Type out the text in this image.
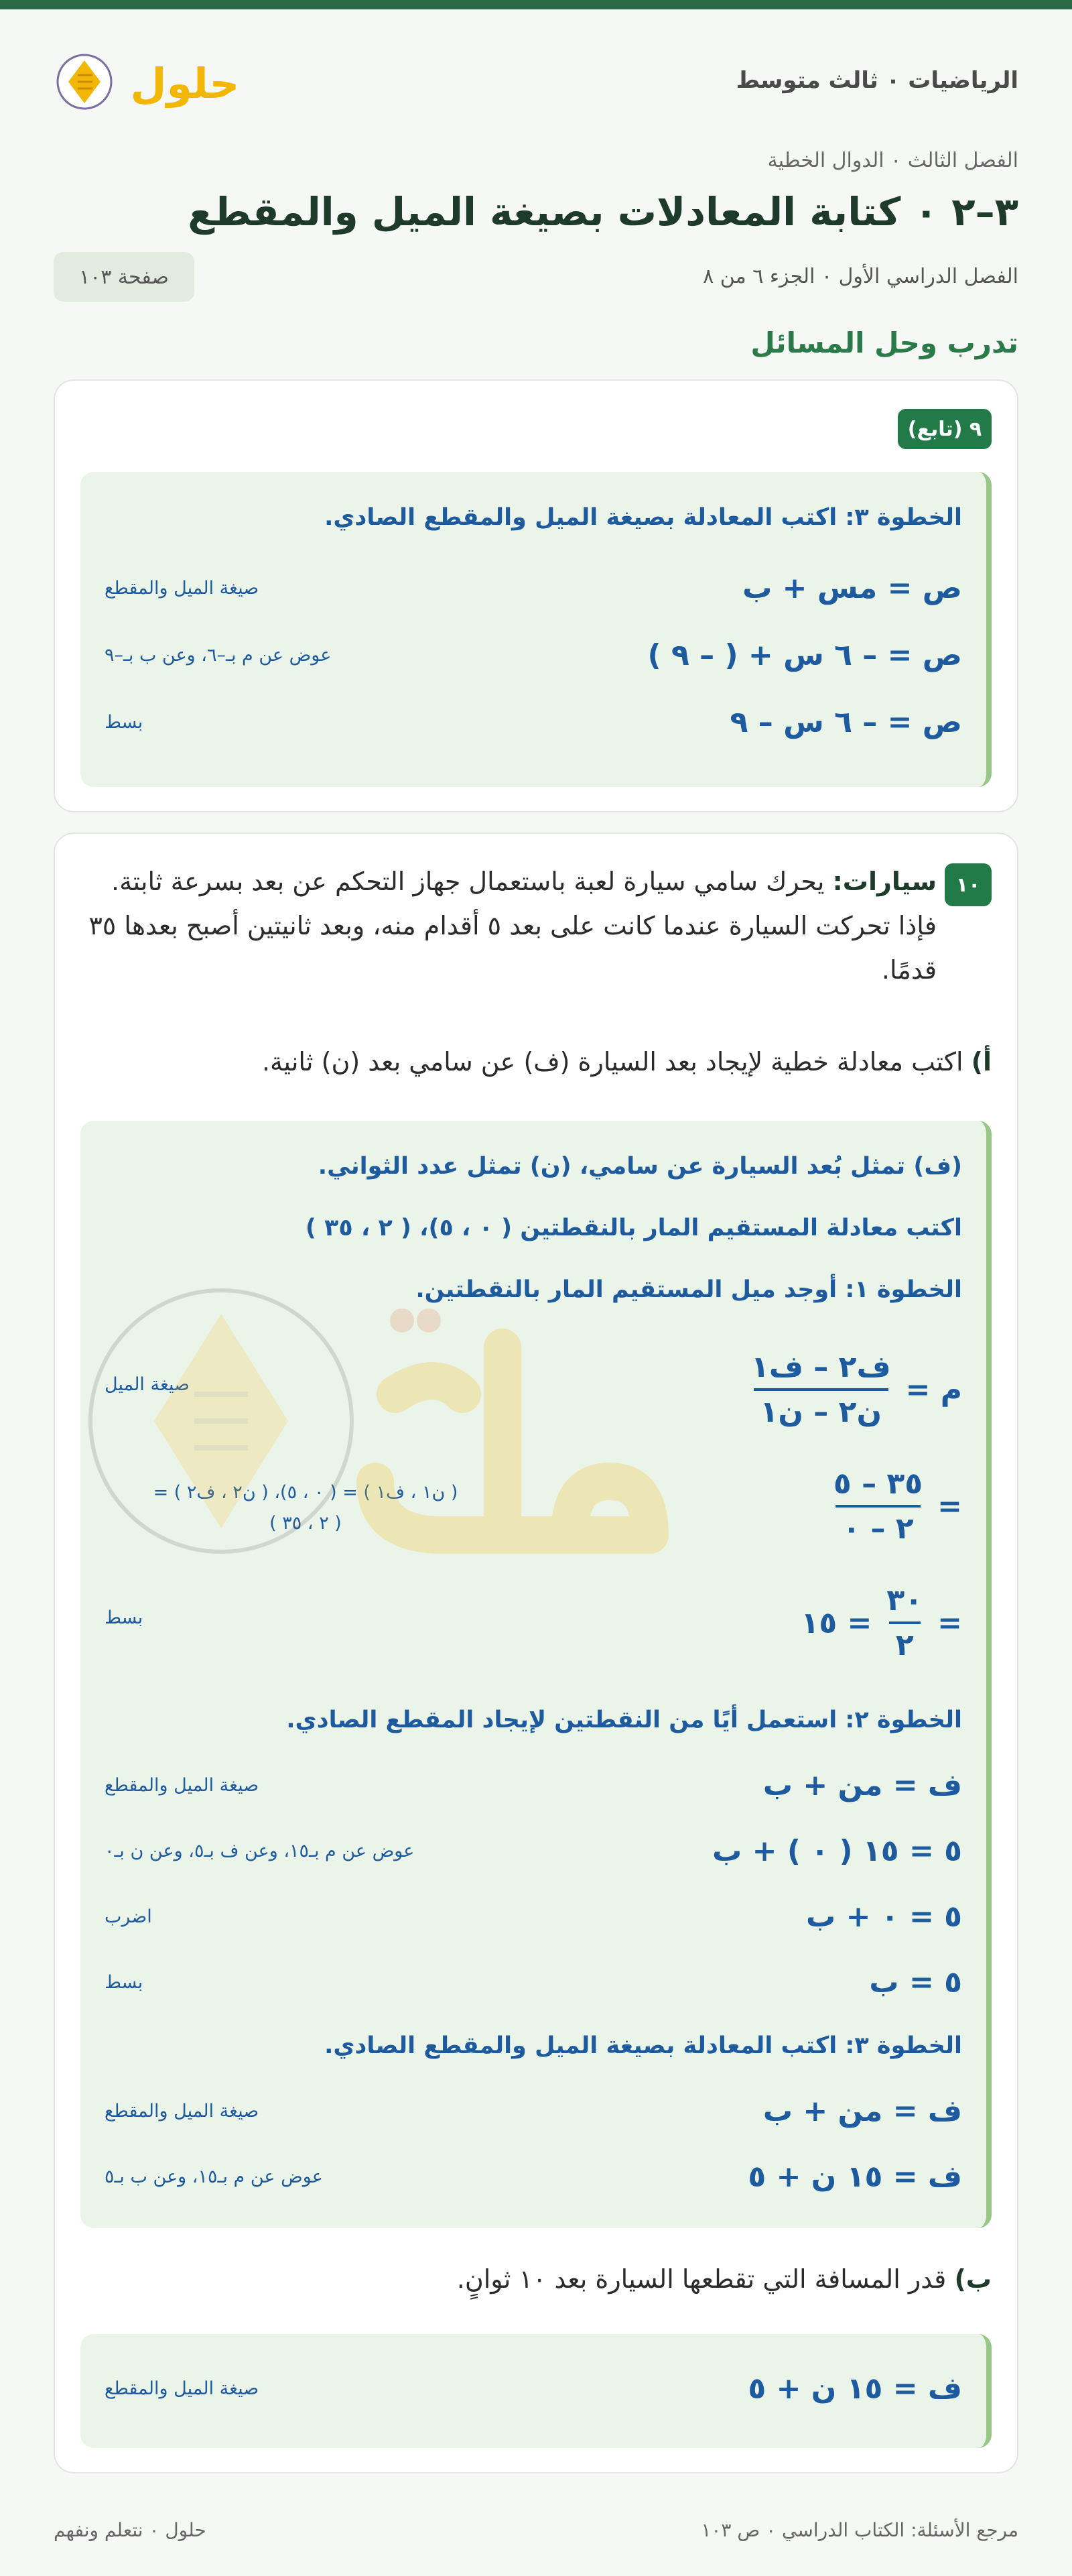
الرياضيات ٠ ثالث متوسط
حلول
الفصل الثالث ٠ الدوال الخطية
٣–٢ ٠ كتابة المعادلات بصيغة الميل والمقطع
الفصل الدراسي الأول ٠ الجزء ٦ من ٨
صفحة ١٠٣
تدرب وحل المسائل
٩ (تابع)
الخطوة ٣: اكتب المعادلة بصيغة الميل والمقطع الصادي.
ص = مس + ب
صيغة الميل والمقطع
ص = – ٦ س + ( – ٩ )
عوض عن م بـ–٦، وعن ب بـ–٩
ص = – ٦ س – ٩
بسط
١٠
سيارات: يحرك سامي سيارة لعبة باستعمال جهاز التحكم عن بعد بسرعة ثابتة. فإذا تحركت السيارة عندما كانت على بعد ٥ أقدام منه، وبعد ثانيتين أصبح بعدها ٣٥ قدمًا.
أ) اكتب معادلة خطية لإيجاد بعد السيارة (ف) عن سامي بعد (ن) ثانية.
(ف) تمثل بُعد السيارة عن سامي، (ن) تمثل عدد الثواني.
اكتب معادلة المستقيم المار بالنقطتين ( ٠ ، ٥)، ( ٢ ، ٣٥ )
الخطوة ١: أوجد ميل المستقيم المار بالنقطتين.
م =
$\frac{\text{ف٢ – ف١}}{\text{ن٢ – ن١}}$
صيغة الميل
=
$\frac{٣٥ - ٥}{٢ - ٠}$
( ن١ ، ف١ ) = ( ٠ ، ٥)، ( ن٢ ، ف٢ ) =
( ٢ ، ٣٥ )
=
$\frac{٣٠}{٢}$
= ١٥
بسط
الخطوة ٢: استعمل أيًا من النقطتين لإيجاد المقطع الصادي.
ف = من + ب
صيغة الميل والمقطع
٥ = ١٥ ( ٠ ) + ب
عوض عن م بـ١٥، وعن ف بـ٥، وعن ن بـ٠
٥ = ٠ + ب
اضرب
٥ = ب
بسط
الخطوة ٣: اكتب المعادلة بصيغة الميل والمقطع الصادي.
ف = من + ب
صيغة الميل والمقطع
ف = ١٥ ن + ٥
عوض عن م بـ١٥، وعن ب بـ٥
ب) قدر المسافة التي تقطعها السيارة بعد ١٠ ثوانٍ.
ف = ١٥ ن + ٥
صيغة الميل والمقطع
مرجع الأسئلة: الكتاب الدراسي ٠ ص ١٠٣
حلول ٠ نتعلم ونفهم
